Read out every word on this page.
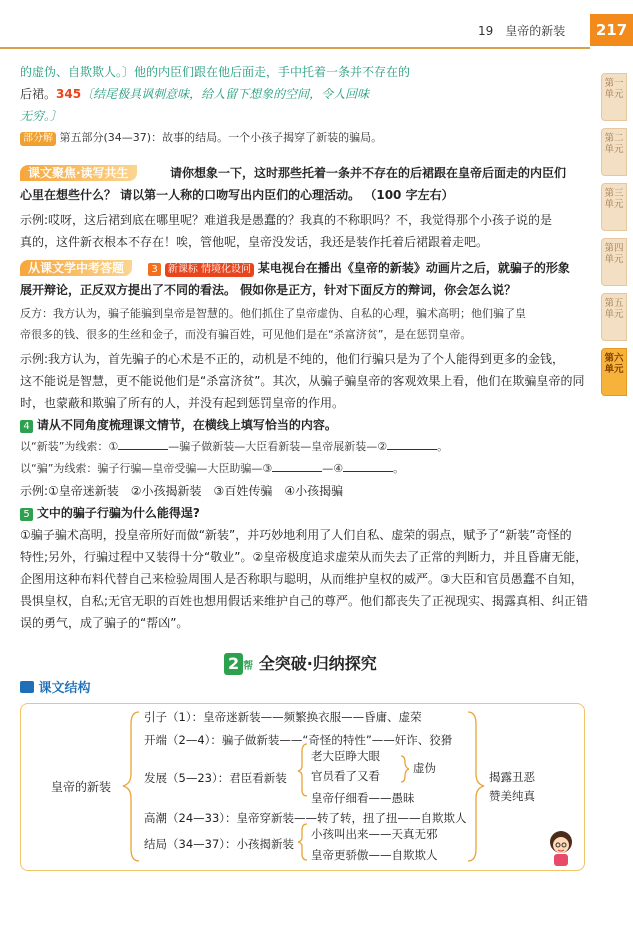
19　皇帝的新装	217
第一单元
第二单元
第三单元
第四单元
第五单元
第六单元
的虚伪、自欺欺人。〕他的内臣们跟在他后面走，手中托着一条并不存在的
后裙。345〔结尾极具讽刺意味，给人留下想象的空间，令人回味
无穷。〕
部分解 第五部分(34—37)：故事的结局。一个小孩子揭穿了新装的骗局。
课文聚焦·读写共生	请你想象一下，这时那些托着一条并不存在的后裙跟在皇帝后面走的内臣们
心里在想些什么？ 请以第一人称的口吻写出内臣们的心理活动。 （100 字左右）
示例:哎呀，这后裙到底在哪里呢？难道我是愚蠢的？我真的不称职吗？不，我觉得那个小孩子说的是
真的，这件新衣根本不存在！唉，管他呢，皇帝没发话，我还是装作托着后裙跟着走吧。
从课文学中考答题	3 新课标 情境化设问 某电视台在播出《皇帝的新装》动画片之后，就骗子的形象
展开辩论，正反双方提出了不同的看法。 假如你是正方，针对下面反方的辩词，你会怎么说？
反方：我方认为，骗子能骗到皇帝是智慧的。他们抓住了皇帝虚伪、自私的心理，骗术高明；他们骗了皇
帝很多的钱、很多的生丝和金子，而没有骗百姓，可见他们是在“杀富济贫”，是在惩罚皇帝。
示例:我方认为，首先骗子的心术是不正的，动机是不纯的，他们行骗只是为了个人能得到更多的金钱，
这不能说是智慧，更不能说他们是“杀富济贫”。其次，从骗子骗皇帝的客观效果上看，他们在欺骗皇帝的同
时，也蒙蔽和欺骗了所有的人，并没有起到惩罚皇帝的作用。
4 请从不同角度梳理课文情节，在横线上填写恰当的内容。
以“新装”为线索：①	—骗子做新装—大臣看新装—皇帝展新装—②	。
以“骗”为线索：骗子行骗—皇帝受骗—大臣助骗—③	—④	。
示例:①皇帝迷新装　②小孩揭新装　③百姓传骗　④小孩揭骗
5 文中的骗子行骗为什么能得逞?
①骗子骗术高明，投皇帝所好而做“新装”，并巧妙地利用了人们自私、虚荣的弱点，赋予了“新装”奇怪的
特性;另外，行骗过程中又装得十分“敬业”。②皇帝极度追求虚荣从而失去了正常的判断力，并且昏庸无能，
企图用这种布料代替自己来检验周围人是否称职与聪明，从而维护皇权的威严。③大臣和官员愚蠢不自知，
畏惧皇权，自私;无官无职的百姓也想用假话来维护自己的尊严。他们都丧失了正视现实、揭露真相、纠正错
误的勇气，成了骗子的“帮凶”。
2 帮 全突破·归纳探究
课文结构
皇帝的新装
引子（1）：皇帝迷新装——频繁换衣服——昏庸、虚荣
开端（2—4）：骗子做新装——“奇怪的特性”——奸诈、狡猾
发展（5—23）：君臣看新装
老大臣睁大眼
官员看了又看
皇帝仔细看——愚昧
虚伪
高潮（24—33）：皇帝穿新装——转了转，扭了扭——自欺欺人
结局（34—37）：小孩揭新装
小孩叫出来——天真无邪
皇帝更骄傲——自欺欺人
揭露丑恶
赞美纯真
